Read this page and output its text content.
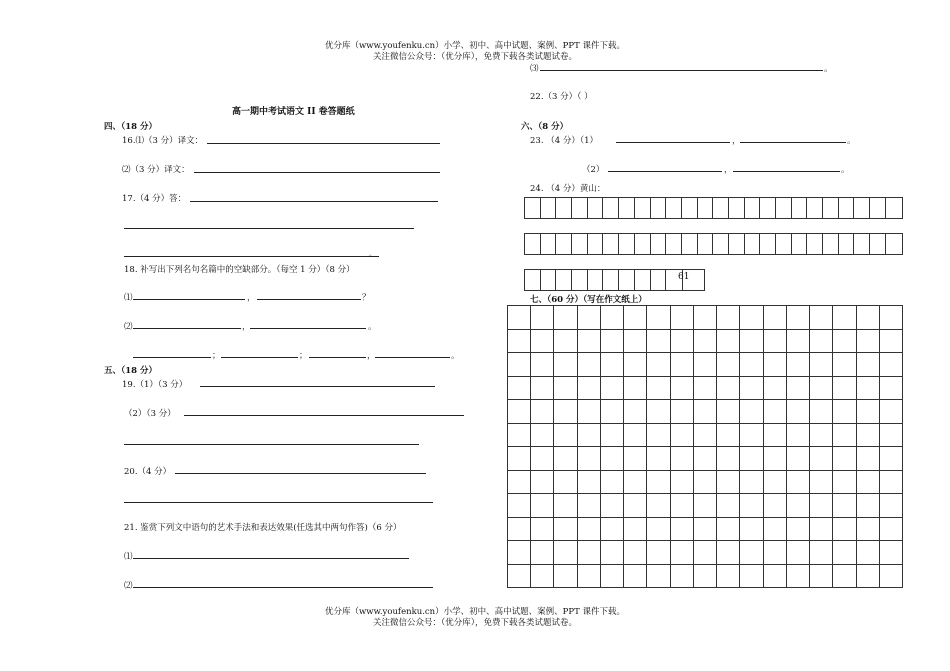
优分库（www.youfenku.cn）小学、初中、高中试题、案例、PPT 课件下载。
关注微信公众号：（优分库），免费下载各类试题试卷。
高一期中考试语文 II 卷答题纸
四、（18 分）
16.⑴（3 分）译文：
⑵（3 分）译文：
17.（4 分）答：
。
18. 补写出下列名句名篇中的空缺部分。（每空 1 分）（8 分）
⑴	，	？
⑵	，	。
；	；	，	。
五、（18 分）
19.（1）（3 分）
（2）（3 分）
20.（4 分）
21. 鉴赏下列文中语句的艺术手法和表达效果(任选其中两句作答)（6 分）
⑴
⑵
⑶	。
22.（3 分）（ ）
六、（8 分）
23. （4 分）（1）	，	。
（2）	，	。
24. （4 分）黄山：
61
七、（60 分）（写在作文纸上）
优分库（www.youfenku.cn）小学、初中、高中试题、案例、PPT 课件下载。
关注微信公众号：（优分库），免费下载各类试题试卷。
